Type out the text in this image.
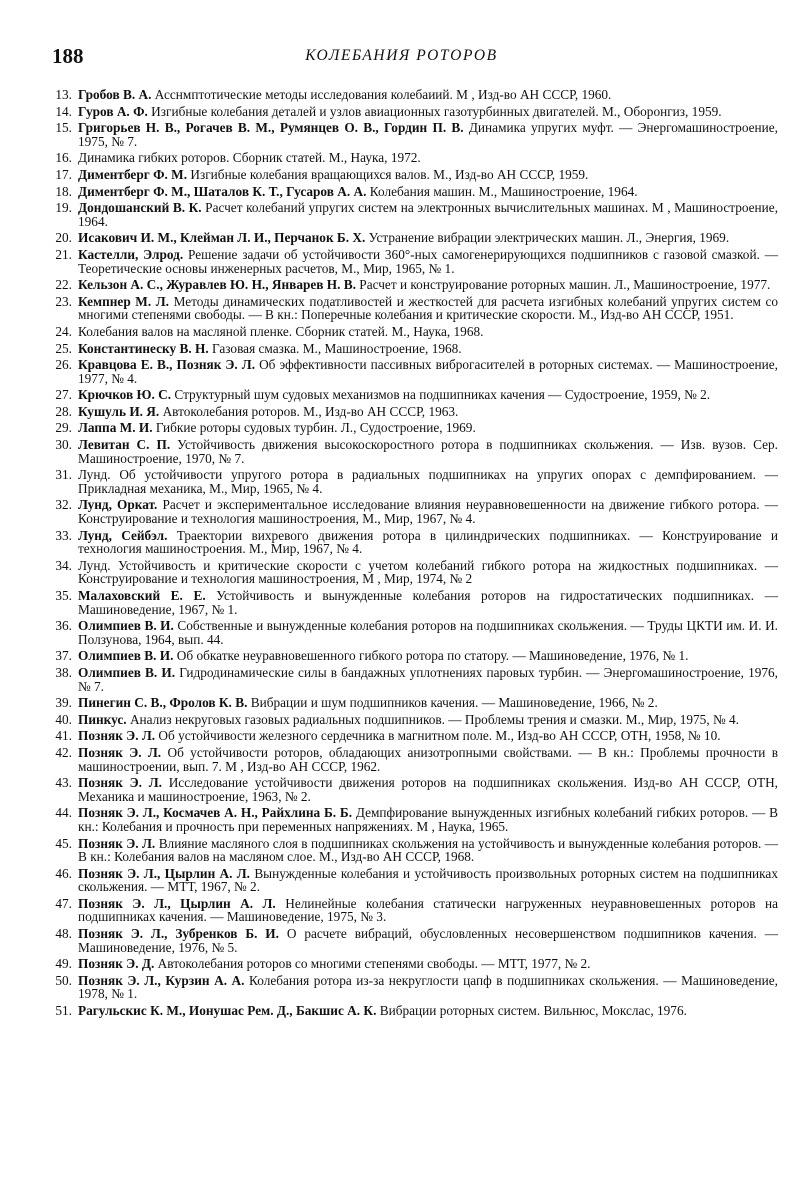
188	КОЛЕБАНИЯ РОТОРОВ
13. Гробов В. А. Асснмптотические методы исследования колебаиий. М , Изд-во АН СССР, 1960.
14. Гуров А. Ф. Изгибные колебания деталей и узлов авиационных газотурбинных двигателей. М., Оборонгиз, 1959.
15. Григорьев Н. В., Рогачев В. М., Румянцев О. В., Гордин П. В. Динамика упругих муфт. — Энергомашиностроение, 1975, № 7.
16. Динамика гибких роторов. Сборник статей. М., Наука, 1972.
17. Диментберг Ф. М. Изгибные колебания вращающихся валов. М., Изд-во АН СССР, 1959.
18. Диментберг Ф. М., Шаталов К. Т., Гусаров А. А. Колебания машин. М., Машиностроение, 1964.
19. Дондошанский В. К. Расчет колебаний упругих систем на электронных вычислительных машинах. М , Машиностроение, 1964.
20. Исакович И. М., Клейман Л. И., Перчанок Б. Х. Устранение вибрации электрических машин. Л., Энергия, 1969.
21. Кастелли, Элрод. Решение задачи об устойчивости 360°-ных самогенерирующихся подшипников с газовой смазкой. — Теоретические основы инженерных расчетов, М., Мир, 1965, № 1.
22. Кельзон А. С., Журавлев Ю. Н., Январев Н. В. Расчет и конструирование роторных машин. Л., Машиностроение, 1977.
23. Кемпнер М. Л. Методы динамических податливостей и жесткостей для расчета изгибных колебаний упругих систем со многими степенями свободы. — В кн.: Поперечные колебания и критические скорости. М., Изд-во АН СССР, 1951.
24. Колебания валов на масляной пленке. Сборник статей. М., Наука, 1968.
25. Константинеску В. Н. Газовая смазка. М., Машиностроение, 1968.
26. Кравцова Е. В., Позняк Э. Л. Об эффективности пассивных виброгасителей в роторных системах. — Машиностроение, 1977, № 4.
27. Крючков Ю. С. Структурный шум судовых механизмов на подшипниках качения — Судостроение, 1959, № 2.
28. Кушуль И. Я. Автоколебания роторов. М., Изд-во АН СССР, 1963.
29. Лаппа М. И. Гибкие роторы судовых турбин. Л., Судостроение, 1969.
30. Левитан С. П. Устойчивость движения высокоскоростного ротора в подшипниках скольжения. — Изв. вузов. Сер. Машиностроение, 1970, № 7.
31. Лунд. Об устойчивости упругого ротора в радиальных подшипниках на упругих опорах с демпфированием. — Прикладная механика, М., Мир, 1965, № 4.
32. Лунд, Оркат. Расчет и экспериментальное исследование влияния неуравновешенности на движение гибкого ротора. — Конструирование и технология машиностроения, М., Мир, 1967, № 4.
33. Лунд, Сейбэл. Траектории вихревого движения ротора в цилиндрических подшипниках. — Конструирование и технология машиностроения. М., Мир, 1967, № 4.
34. Лунд. Устойчивость и критические скорости с учетом колебаний гибкого ротора на жидкостных подшипниках. — Конструирование и технология машиностроения, М , Мир, 1974, № 2
35. Малаховский Е. Е. Устойчивость и вынужденные колебания роторов на гидростатических подшипниках. — Машиноведение, 1967, № 1.
36. Олимпиев В. И. Собственные и вынужденные колебания роторов на подшипниках скольжения. — Труды ЦКТИ им. И. И. Ползунова, 1964, вып. 44.
37. Олимпиев В. И. Об обкатке неуравновешенного гибкого ротора по статору. — Машиноведение, 1976, № 1.
38. Олимпиев В. И. Гидродинамические силы в бандажных уплотнениях паровых турбин. — Энергомашиностроение, 1976, № 7.
39. Пинегин С. В., Фролов К. В. Вибрации и шум подшипников качения. — Машиноведение, 1966, № 2.
40. Пинкус. Анализ некруговых газовых радиальных подшипников. — Проблемы трения и смазки. М., Мир, 1975, № 4.
41. Позняк Э. Л. Об устойчивости железного сердечника в магнитном поле. М., Изд-во АН СССР, ОТН, 1958, № 10.
42. Позняк Э. Л. Об устойчивости роторов, обладающих анизотропными свойствами. — В кн.: Проблемы прочности в машиностроении, вып. 7. М , Изд-во АН СССР, 1962.
43. Позняк Э. Л. Исследование устойчивости движения роторов на подшипниках скольжения. Изд-во АН СССР, ОТН, Механика и машиностроение, 1963, № 2.
44. Позняк Э. Л., Космачев А. Н., Райхлина Б. Б. Демпфирование вынужденных изгибных колебаний гибких роторов. — В кн.: Колебания и прочность при переменных напряжениях. М , Наука, 1965.
45. Позняк Э. Л. Влияние масляного слоя в подшипниках скольжения на устойчивость и вынужденные колебания роторов. — В кн.: Колебания валов на масляном слое. М., Изд-во АН СССР, 1968.
46. Позняк Э. Л., Цырлин А. Л. Вынужденные колебания и устойчивость произвольных роторных систем на подшипниках скольжения. — МТТ, 1967, № 2.
47. Позняк Э. Л., Цырлин А. Л. Нелинейные колебания статически нагруженных неуравновешенных роторов на подшипниках качения. — Машиноведение, 1975, № 3.
48. Позняк Э. Л., Зубренков Б. И. О расчете вибраций, обусловленных несовершенством подшипников качения. — Машиноведение, 1976, № 5.
49. Позняк Э. Д. Автоколебания роторов со многими степенями свободы. — МТТ, 1977, № 2.
50. Позняк Э. Л., Курзин А. А. Колебания ротора из-за некруглости цапф в подшипниках скольжения. — Машиноведение, 1978, № 1.
51. Рагульскис К. М., Ионушас Рем. Д., Бакшис А. К. Вибрации роторных систем. Вильнюс, Мокслас, 1976.
